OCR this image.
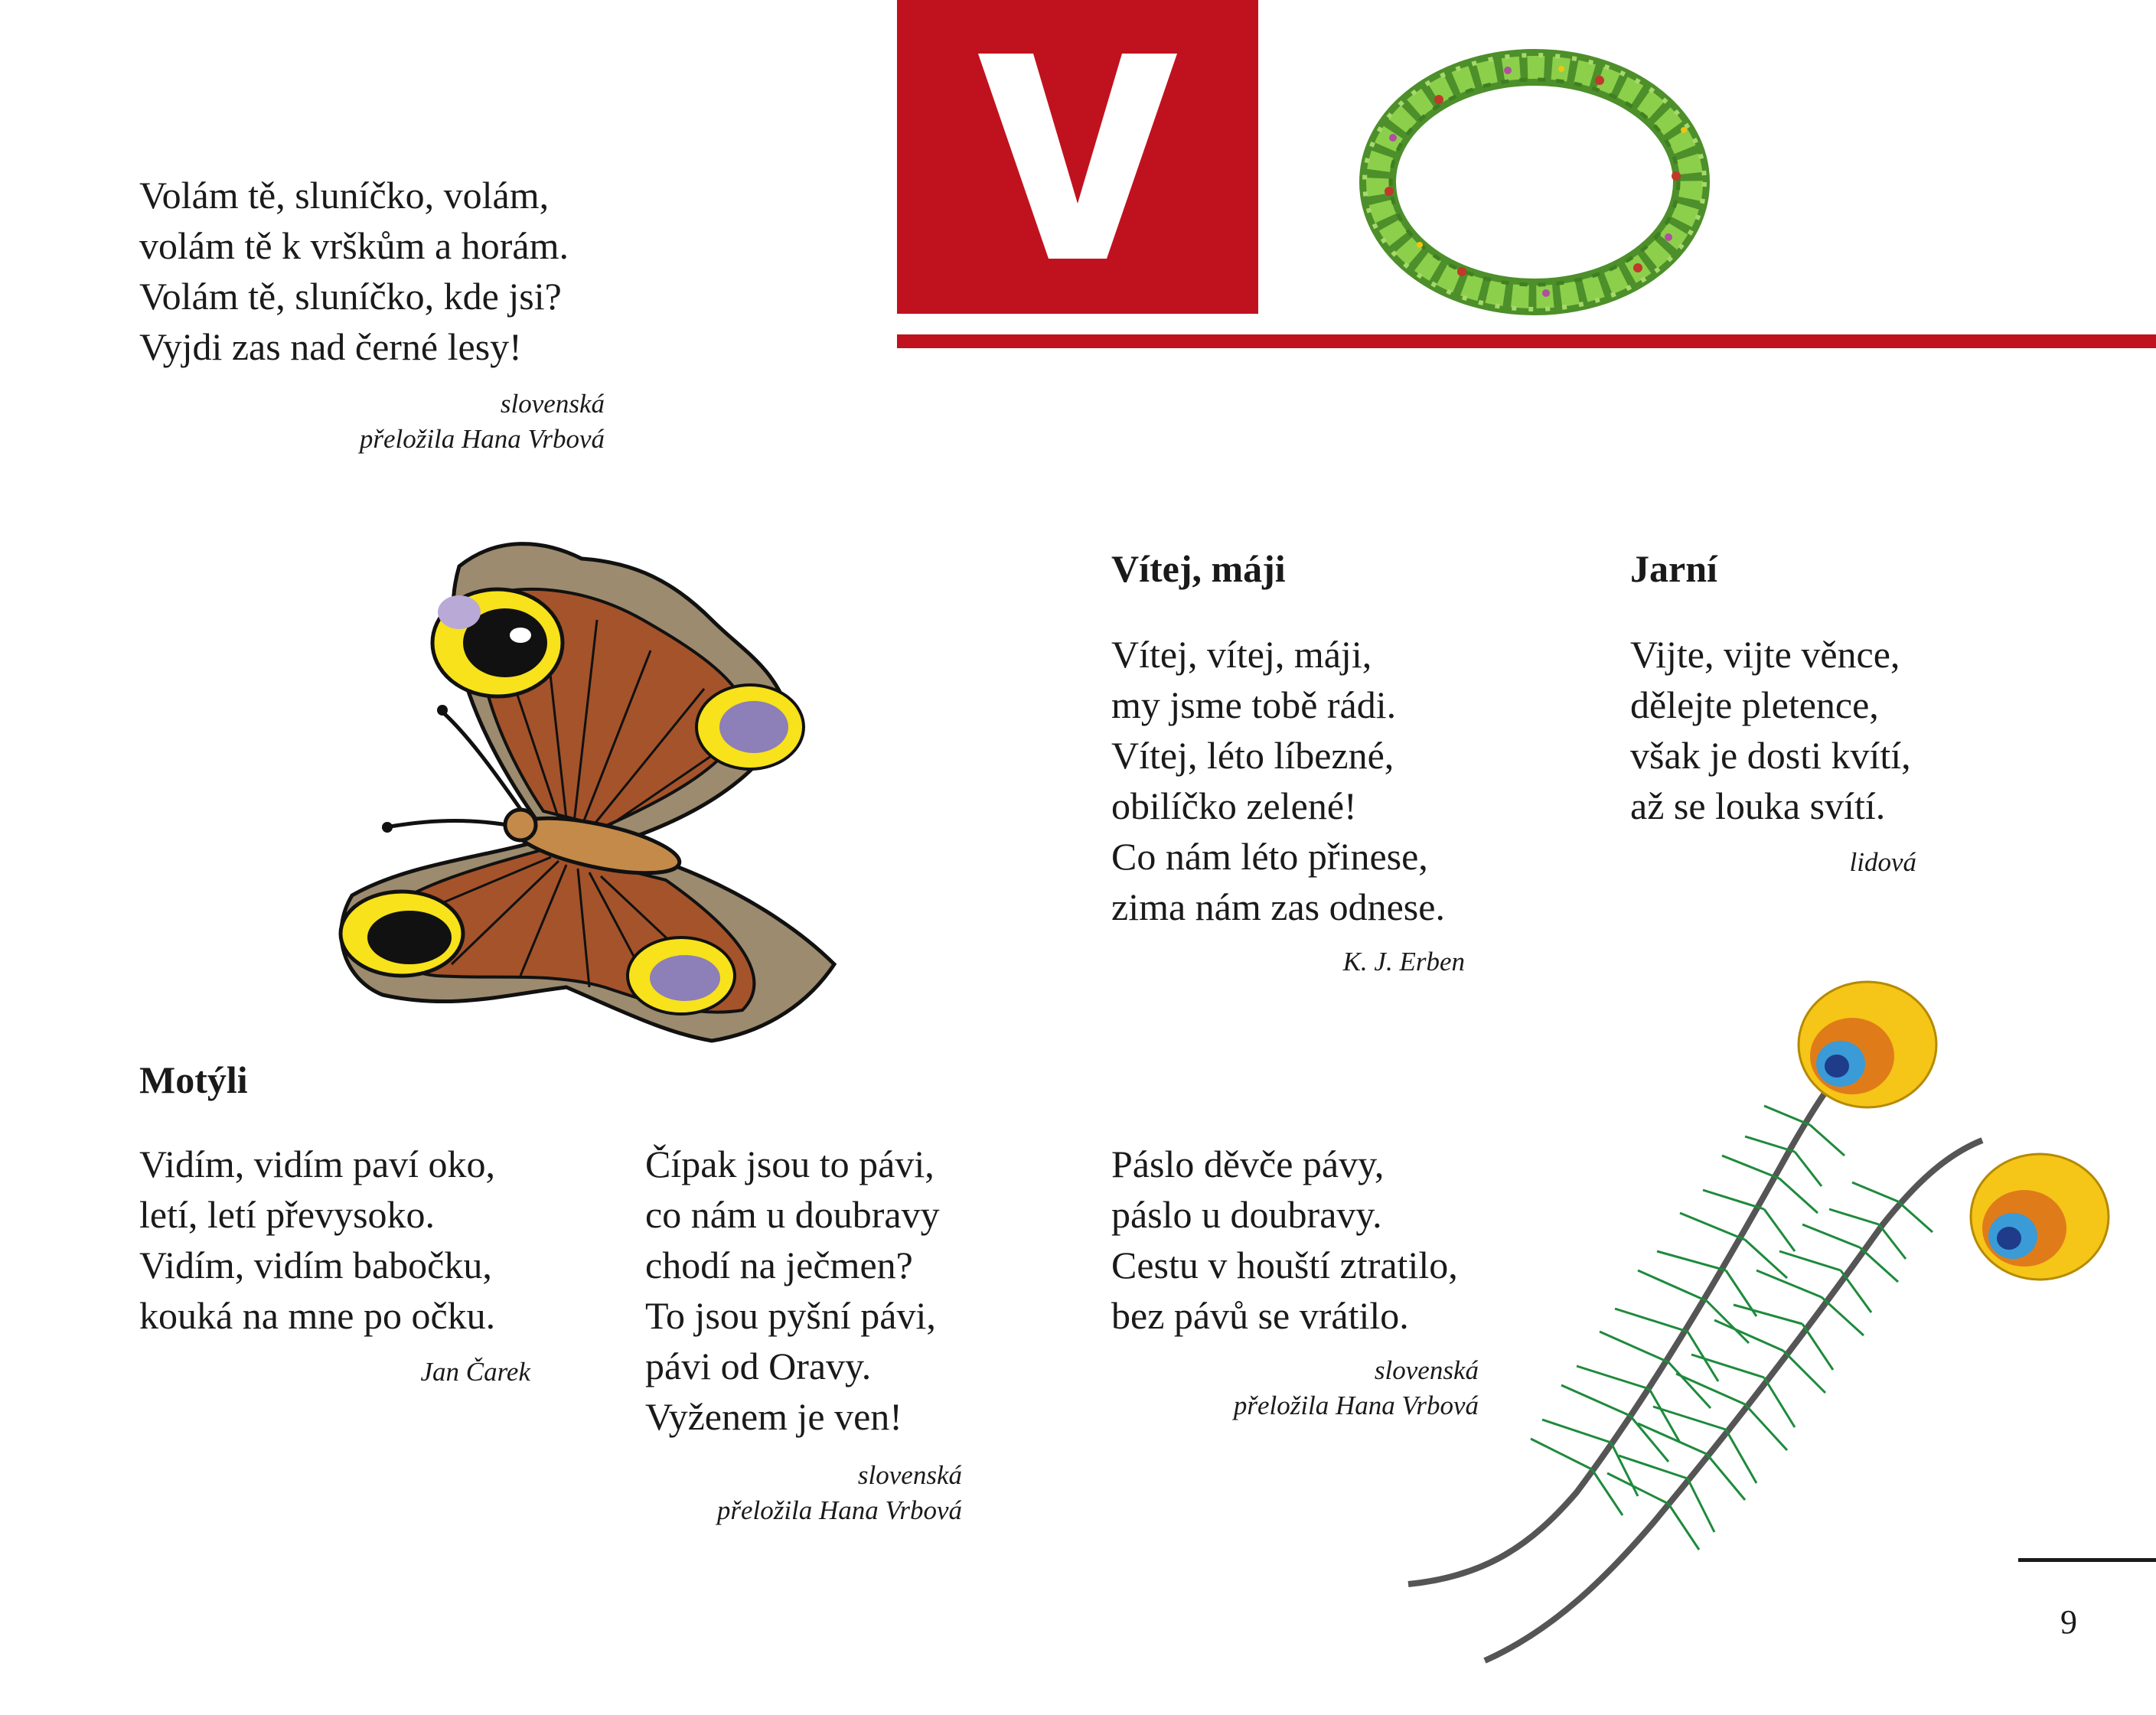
Volám tě, sluníčko, volám,
volám tě k vrškům a horám.
Volám tě, sluníčko, kde jsi?
Vyjdi zas nad černé lesy!
slovenská
přeložila Hana Vrbová
Vítej, máji
Vítej, vítej, máji,
my jsme tobě rádi.
Vítej, léto líbezné,
obilíčko zelené!
Co nám léto přinese,
zima nám zas odnese.
K. J. Erben
Jarní
Vijte, vijte věnce,
dělejte pletence,
však je dosti kvítí,
až se louka svítí.
lidová
Motýli
Vidím, vidím paví oko,
letí, letí převysoko.
Vidím, vidím babočku,
kouká na mne po očku.
Jan Čarek
Čípak jsou to pávi,
co nám u doubravy
chodí na ječmen?
To jsou pyšní pávi,
pávi od Oravy.
Vyženem je ven!
slovenská
přeložila Hana Vrbová
Páslo děvče pávy,
páslo u doubravy.
Cestu v houští ztratilo,
bez pávů se vrátilo.
slovenská
přeložila Hana Vrbová
9
